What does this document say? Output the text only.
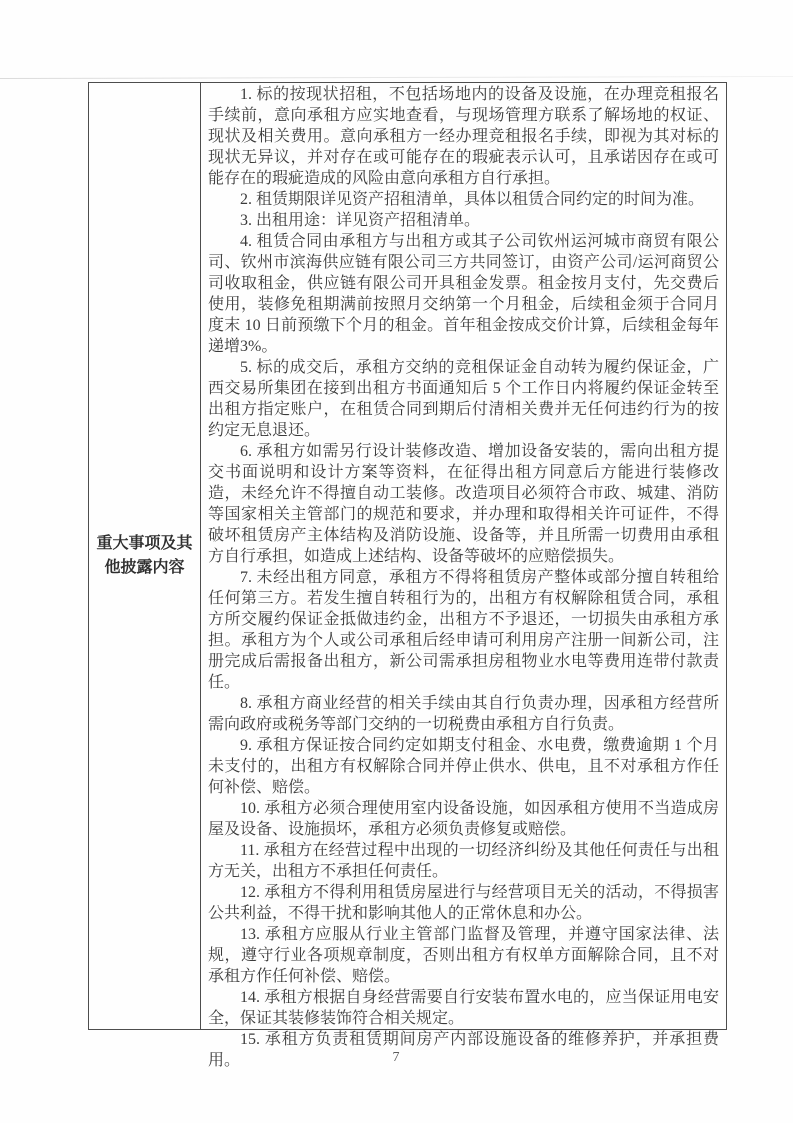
重大事项及其他披露内容

1. 标的按现状招租，不包括场地内的设备及设施，在办理竞租报名手续前，意向承租方应实地查看，与现场管理方联系了解场地的权证、现状及相关费用。意向承租方一经办理竞租报名手续，即视为其对标的现状无异议，并对存在或可能存在的瑕疵表示认可，且承诺因存在或可能存在的瑕疵造成的风险由意向承租方自行承担。

2. 租赁期限详见资产招租清单，具体以租赁合同约定的时间为准。

3. 出租用途：详见资产招租清单。

4. 租赁合同由承租方与出租方或其子公司钦州运河城市商贸有限公司、钦州市滨海供应链有限公司三方共同签订，由资产公司/运河商贸公司收取租金，供应链有限公司开具租金发票。租金按月支付，先交费后使用，装修免租期满前按照月交纳第一个月租金，后续租金须于合同月度末 10 日前预缴下个月的租金。首年租金按成交价计算，后续租金每年递增3%。

5. 标的成交后，承租方交纳的竞租保证金自动转为履约保证金，广西交易所集团在接到出租方书面通知后 5 个工作日内将履约保证金转至出租方指定账户，在租赁合同到期后付清相关费并无任何违约行为的按约定无息退还。

6. 承租方如需另行设计装修改造、增加设备安装的，需向出租方提交书面说明和设计方案等资料，在征得出租方同意后方能进行装修改造，未经允许不得擅自动工装修。改造项目必须符合市政、城建、消防等国家相关主管部门的规范和要求，并办理和取得相关许可证件，不得破坏租赁房产主体结构及消防设施、设备等，并且所需一切费用由承租方自行承担，如造成上述结构、设备等破坏的应赔偿损失。

7. 未经出租方同意，承租方不得将租赁房产整体或部分擅自转租给任何第三方。若发生擅自转租行为的，出租方有权解除租赁合同，承租方所交履约保证金抵做违约金，出租方不予退还，一切损失由承租方承担。承租方为个人或公司承租后经申请可利用房产注册一间新公司，注册完成后需报备出租方，新公司需承担房租物业水电等费用连带付款责任。

8. 承租方商业经营的相关手续由其自行负责办理，因承租方经营所需向政府或税务等部门交纳的一切税费由承租方自行负责。

9. 承租方保证按合同约定如期支付租金、水电费，缴费逾期 1 个月未支付的，出租方有权解除合同并停止供水、供电，且不对承租方作任何补偿、赔偿。

10. 承租方必须合理使用室内设备设施，如因承租方使用不当造成房屋及设备、设施损坏，承租方必须负责修复或赔偿。

11. 承租方在经营过程中出现的一切经济纠纷及其他任何责任与出租方无关，出租方不承担任何责任。

12. 承租方不得利用租赁房屋进行与经营项目无关的活动，不得损害公共利益，不得干扰和影响其他人的正常休息和办公。

13. 承租方应服从行业主管部门监督及管理，并遵守国家法律、法规，遵守行业各项规章制度，否则出租方有权单方面解除合同，且不对承租方作任何补偿、赔偿。

14. 承租方根据自身经营需要自行安装布置水电的，应当保证用电安全，保证其装修装饰符合相关规定。

15. 承租方负责租赁期间房产内部设施设备的维修养护，并承担费用。	7
